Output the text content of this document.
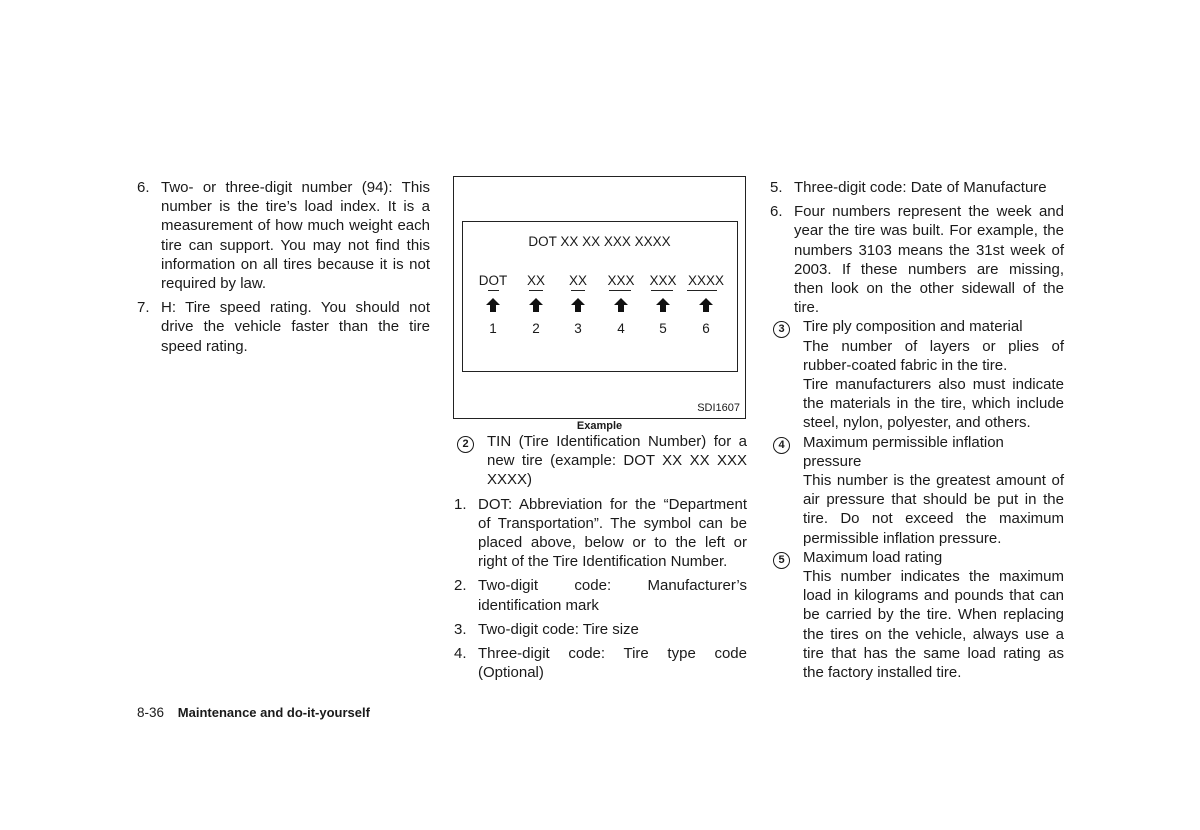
6. Two- or three-digit number (94): This number is the tire’s load index. It is a measurement of how much weight each tire can support. You may not find this information on all tires because it is not required by law.
7. H: Tire speed rating. You should not drive the vehicle faster than the tire speed rating.
DOT XX XX XXX XXXX
DOT XX XX XXX XXX XXXX
1	2	3	4	5	6
SDI1607
Example
2	TIN (Tire Identification Number) for a new tire (example: DOT XX XX XXX XXXX)
1. DOT: Abbreviation for the “Department of Transportation”. The symbol can be placed above, below or to the left or right of the Tire Identification Number.
2. Two-digit code: Manufacturer’s identification mark
3. Two-digit code: Tire size
4. Three-digit code: Tire type code (Optional)
5. Three-digit code: Date of Manufacture
6. Four numbers represent the week and year the tire was built. For example, the numbers 3103 means the 31st week of 2003. If these numbers are missing, then look on the other sidewall of the tire.
3	Tire ply composition and material
The number of layers or plies of rubber-coated fabric in the tire.
Tire manufacturers also must indicate the materials in the tire, which include steel, nylon, polyester, and others.
4	Maximum permissible inflation pressure
This number is the greatest amount of air pressure that should be put in the tire. Do not exceed the maximum permissible inflation pressure.
5	Maximum load rating
This number indicates the maximum load in kilograms and pounds that can be carried by the tire. When replacing the tires on the vehicle, always use a tire that has the same load rating as the factory installed tire.
8-36 Maintenance and do-it-yourself
